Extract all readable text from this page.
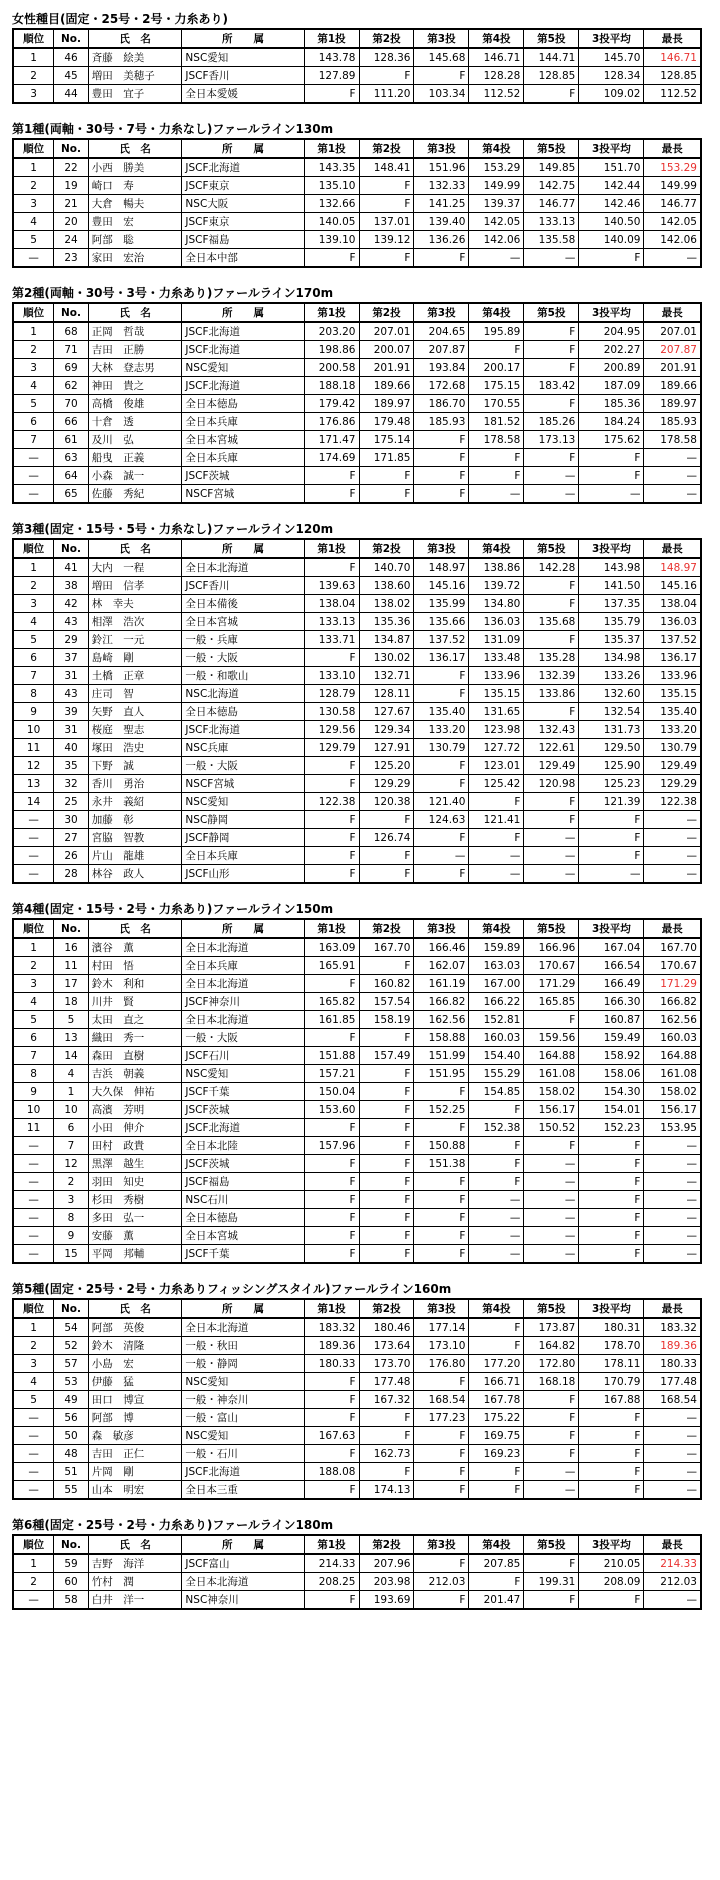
女性種目(固定・25号・2号・力糸あり)
順位	No.	氏　名	所　　属	第1投	第2投	第3投	第4投	第5投	3投平均	最長
1	46	斉藤　絵美	NSC愛知	143.78	128.36	145.68	146.71	144.71	145.70	146.71
2	45	増田　美穂子	JSCF香川	127.89	F	F	128.28	128.85	128.34	128.85
3	44	豊田　宜子	全日本愛媛	F	111.20	103.34	112.52	F	109.02	112.52
第1種(両軸・30号・7号・力糸なし)ファールライン130m
順位	No.	氏　名	所　　属	第1投	第2投	第3投	第4投	第5投	3投平均	最長
1	22	小西　勝美	JSCF北海道	143.35	148.41	151.96	153.29	149.85	151.70	153.29
2	19	崎口　寿	JSCF東京	135.10	F	132.33	149.99	142.75	142.44	149.99
3	21	大倉　暢夫	NSC大阪	132.66	F	141.25	139.37	146.77	142.46	146.77
4	20	豊田　宏	JSCF東京	140.05	137.01	139.40	142.05	133.13	140.50	142.05
5	24	阿部　聡	JSCF福島	139.10	139.12	136.26	142.06	135.58	140.09	142.06
—	23	家田　宏治	全日本中部	F	F	F	—	—	F	—
第2種(両軸・30号・3号・力糸あり)ファールライン170m
順位	No.	氏　名	所　　属	第1投	第2投	第3投	第4投	第5投	3投平均	最長
1	68	正岡　哲哉	JSCF北海道	203.20	207.01	204.65	195.89	F	204.95	207.01
2	71	吉田　正勝	JSCF北海道	198.86	200.07	207.87	F	F	202.27	207.87
3	69	大林　登志男	NSC愛知	200.58	201.91	193.84	200.17	F	200.89	201.91
4	62	神田　貴之	JSCF北海道	188.18	189.66	172.68	175.15	183.42	187.09	189.66
5	70	高橋　俊雄	全日本徳島	179.42	189.97	186.70	170.55	F	185.36	189.97
6	66	十倉　透	全日本兵庫	176.86	179.48	185.93	181.52	185.26	184.24	185.93
7	61	及川　弘	全日本宮城	171.47	175.14	F	178.58	173.13	175.62	178.58
—	63	船曳　正義	全日本兵庫	174.69	171.85	F	F	F	F	—
—	64	小森　誠一	JSCF茨城	F	F	F	F	—	F	—
—	65	佐藤　秀紀	NSCF宮城	F	F	F	—	—	—	—
第3種(固定・15号・5号・力糸なし)ファールライン120m
順位	No.	氏　名	所　　属	第1投	第2投	第3投	第4投	第5投	3投平均	最長
1	41	大内　一程	全日本北海道	F	140.70	148.97	138.86	142.28	143.98	148.97
2	38	増田　信孝	JSCF香川	139.63	138.60	145.16	139.72	F	141.50	145.16
3	42	林　幸夫	全日本備後	138.04	138.02	135.99	134.80	F	137.35	138.04
4	43	相澤　浩次	全日本宮城	133.13	135.36	135.66	136.03	135.68	135.79	136.03
5	29	鈴江　一元	一般・兵庫	133.71	134.87	137.52	131.09	F	135.37	137.52
6	37	島崎　剛	一般・大阪	F	130.02	136.17	133.48	135.28	134.98	136.17
7	31	土橋　正章	一般・和歌山	133.10	132.71	F	133.96	132.39	133.26	133.96
8	43	庄司　智	NSC北海道	128.79	128.11	F	135.15	133.86	132.60	135.15
9	39	矢野　直人	全日本徳島	130.58	127.67	135.40	131.65	F	132.54	135.40
10	31	桜庭　聖志	JSCF北海道	129.56	129.34	133.20	123.98	132.43	131.73	133.20
11	40	塚田　浩史	NSC兵庫	129.79	127.91	130.79	127.72	122.61	129.50	130.79
12	35	下野　誠	一般・大阪	F	125.20	F	123.01	129.49	125.90	129.49
13	32	香川　勇治	NSCF宮城	F	129.29	F	125.42	120.98	125.23	129.29
14	25	永井　義紹	NSC愛知	122.38	120.38	121.40	F	F	121.39	122.38
—	30	加藤　彰	NSC静岡	F	F	124.63	121.41	F	F	—
—	27	宮脇　智教	JSCF静岡	F	126.74	F	F	—	F	—
—	26	片山　龍雄	全日本兵庫	F	F	—	—	—	F	—
—	28	林谷　政人	JSCF山形	F	F	F	—	—	—	—
第4種(固定・15号・2号・力糸あり)ファールライン150m
順位	No.	氏　名	所　　属	第1投	第2投	第3投	第4投	第5投	3投平均	最長
1	16	濱谷　薫	全日本北海道	163.09	167.70	166.46	159.89	166.96	167.04	167.70
2	11	村田　悟	全日本兵庫	165.91	F	162.07	163.03	170.67	166.54	170.67
3	17	鈴木　利和	全日本北海道	F	160.82	161.19	167.00	171.29	166.49	171.29
4	18	川井　賢	JSCF神奈川	165.82	157.54	166.82	166.22	165.85	166.30	166.82
5	5	太田　直之	全日本北海道	161.85	158.19	162.56	152.81	F	160.87	162.56
6	13	織田　秀一	一般・大阪	F	F	158.88	160.03	159.56	159.49	160.03
7	14	森田　直樹	JSCF石川	151.88	157.49	151.99	154.40	164.88	158.92	164.88
8	4	吉浜　朝義	NSC愛知	157.21	F	151.95	155.29	161.08	158.06	161.08
9	1	大久保　伸祐	JSCF千葉	150.04	F	F	154.85	158.02	154.30	158.02
10	10	高濱　芳明	JSCF茨城	153.60	F	152.25	F	156.17	154.01	156.17
11	6	小田　伸介	JSCF北海道	F	F	F	152.38	150.52	152.23	153.95
—	7	田村　政貴	全日本北陸	157.96	F	150.88	F	F	F	—
—	12	黒澤　越生	JSCF茨城	F	F	151.38	F	—	F	—
—	2	羽田　知史	JSCF福島	F	F	F	F	—	F	—
—	3	杉田　秀樹	NSC石川	F	F	F	—	—	F	—
—	8	多田　弘一	全日本徳島	F	F	F	—	—	F	—
—	9	安藤　薫	全日本宮城	F	F	F	—	—	F	—
—	15	平岡　邦輔	JSCF千葉	F	F	F	—	—	F	—
第5種(固定・25号・2号・力糸ありフィッシングスタイル)ファールライン160m
順位	No.	氏　名	所　　属	第1投	第2投	第3投	第4投	第5投	3投平均	最長
1	54	阿部　英俊	全日本北海道	183.32	180.46	177.14	F	173.87	180.31	183.32
2	52	鈴木　清隆	一般・秋田	189.36	173.64	173.10	F	164.82	178.70	189.36
3	57	小島　宏	一般・静岡	180.33	173.70	176.80	177.20	172.80	178.11	180.33
4	53	伊藤　猛	NSC愛知	F	177.48	F	166.71	168.18	170.79	177.48
5	49	田口　博宣	一般・神奈川	F	167.32	168.54	167.78	F	167.88	168.54
—	56	阿部　博	一般・富山	F	F	177.23	175.22	F	F	—
—	50	森　敏彦	NSC愛知	167.63	F	F	169.75	F	F	—
—	48	吉田　正仁	一般・石川	F	162.73	F	169.23	F	F	—
—	51	片岡　剛	JSCF北海道	188.08	F	F	F	—	F	—
—	55	山本　明宏	全日本三重	F	174.13	F	F	—	F	—
第6種(固定・25号・2号・力糸あり)ファールライン180m
順位	No.	氏　名	所　　属	第1投	第2投	第3投	第4投	第5投	3投平均	最長
1	59	吉野　海洋	JSCF富山	214.33	207.96	F	207.85	F	210.05	214.33
2	60	竹村　潤	全日本北海道	208.25	203.98	212.03	F	199.31	208.09	212.03
—	58	白井　洋一	NSC神奈川	F	193.69	F	201.47	F	F	—
